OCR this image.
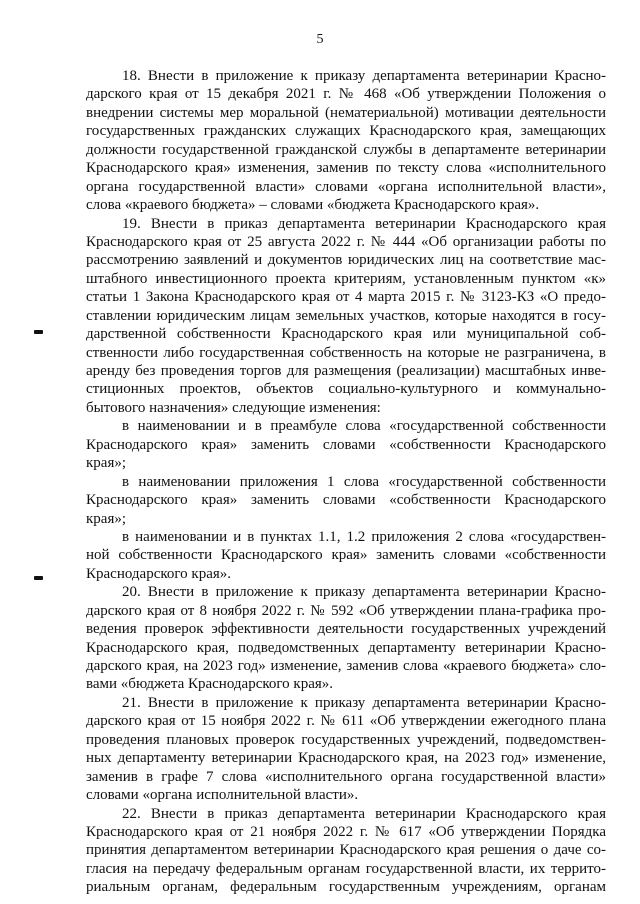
5
18. Внести в приложение к приказу департамента ветеринарии Красно-
дарского края от 15 декабря 2021 г. № 468 «Об утверждении Положения о
внедрении системы мер моральной (нематериальной) мотивации деятельности
государственных гражданских служащих Краснодарского края, замещающих
должности государственной гражданской службы в департаменте ветеринарии
Краснодарского края» изменения, заменив по тексту слова «исполнительного
органа государственной власти» словами «органа исполнительной власти»,
слова «краевого бюджета» – словами «бюджета Краснодарского края».
19. Внести в приказ департамента ветеринарии Краснодарского края
Краснодарского края от 25 августа 2022 г. № 444 «Об организации работы по
рассмотрению заявлений и документов юридических лиц на соответствие мас-
штабного инвестиционного проекта критериям, установленным пунктом «к»
статьи 1 Закона Краснодарского края от 4 марта 2015 г. № 3123-КЗ «О предо-
ставлении юридическим лицам земельных участков, которые находятся в госу-
дарственной собственности Краснодарского края или муниципальной соб-
ственности либо государственная собственность на которые не разграничена, в
аренду без проведения торгов для размещения (реализации) масштабных инве-
стиционных проектов, объектов социально-культурного и коммунально-
бытового назначения» следующие изменения:
в наименовании и в преамбуле слова «государственной собственности
Краснодарского края» заменить словами «собственности Краснодарского
края»;
в наименовании приложения 1 слова «государственной собственности
Краснодарского края» заменить словами «собственности Краснодарского
края»;
в наименовании и в пунктах 1.1, 1.2 приложения 2 слова «государствен-
ной собственности Краснодарского края» заменить словами «собственности
Краснодарского края».
20. Внести в приложение к приказу департамента ветеринарии Красно-
дарского края от 8 ноября 2022 г. № 592 «Об утверждении плана-графика про-
ведения проверок эффективности деятельности государственных учреждений
Краснодарского края, подведомственных департаменту ветеринарии Красно-
дарского края, на 2023 год» изменение, заменив слова «краевого бюджета» сло-
вами «бюджета Краснодарского края».
21. Внести в приложение к приказу департамента ветеринарии Красно-
дарского края от 15 ноября 2022 г. № 611 «Об утверждении ежегодного плана
проведения плановых проверок государственных учреждений, подведомствен-
ных департаменту ветеринарии Краснодарского края, на 2023 год» изменение,
заменив в графе 7 слова «исполнительного органа государственной власти»
словами «органа исполнительной власти».
22. Внести в приказ департамента ветеринарии Краснодарского края
Краснодарского края от 21 ноября 2022 г. № 617 «Об утверждении Порядка
принятия департаментом ветеринарии Краснодарского края решения о даче со-
гласия на передачу федеральным органам государственной власти, их террито-
риальным органам, федеральным государственным учреждениям, органам
